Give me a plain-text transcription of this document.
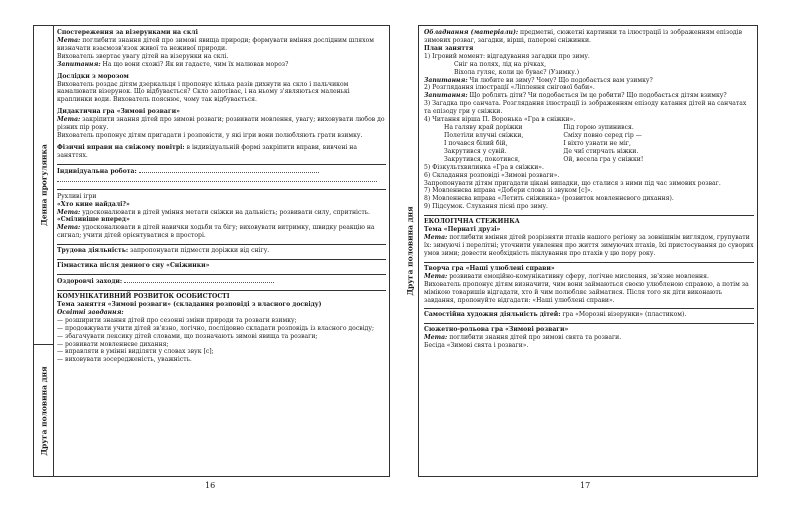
Денна прогулянка
Друга половина дня

Спостереження за візерунками на склі

Мета: поглибити знання дітей про зимові явища природи; формувати вміння дослідним шляхом визначати взаємозв'язок живої та неживої природи.

Вихователь звертає увагу дітей на візерунки на склі.

Запитання: На що вони схожі? Як ви гадаєте, чим їх малював мороз?

Дослідки з морозом

Вихователь роздає дітям дзеркальця і пропонує кілька разів дихнути на скло і пальчиком намалювати візерунок. Що відбувається? Скло запотіває, і на ньому з'являються маленькі краплинки води. Вихователь пояснює, чому так відбувається.

Дидактична гра «Зимові розваги»

Мета: закріпити знання дітей про зимові розваги; розвивати мовлення, увагу; виховувати любов до різних пір року.

Вихователь пропонує дітям пригадати і розповісти, у які ігри вони полюбляють грати взимку.

Фізичні вправи на свіжому повітрі: в індивідуальній формі закріпити вправи, вивчені на заняттях.

Індивідуальна робота:

Рухливі ігри

«Хто кине найдалі?»

Мета: удосконалювати в дітей уміння метати сніжки на дальність; розвивати силу, спритність.

«Сміливіше вперед»

Мета: удосконалювати в дітей навички ходьби та бігу; виховувати витримку, швидку реакцію на сигнал; учити дітей орієнтуватися в просторі.

Трудова діяльність: запропонувати підмести доріжки від снігу.

Гімнастика після денного сну «Сніжинки»

Оздоровчі заходи:

КОМУНІКАТИВНИЙ РОЗВИТОК ОСОБИСТОСТІ

Тема заняття «Зимові розваги» (складання розповіді з власного досвіду)

Освітні завдання:

— розширити знання дітей про сезонні зміни природи та розваги взимку;

— продовжувати учити дітей зв'язно, логічно, послідовно складати розповідь із власного досвіду;

— збагачувати лексику дітей словами, що позначають зимові явища та розваги;

— розвивати мовленнєве дихання;

— вправляти в умінні виділяти у словах звук [с];

— виховувати зосередженість, уважність.

16
Друга половина дня

Обладнання (матеріали): предметні, сюжетні картинки та ілюстрації із зображенням епізодів зимових розваг, загадки, вірші, паперові сніжинки.

План заняття

1) Ігровий момент: відгадування загадки про зиму.

Сніг на полях, лід на річках,

Віхола гуляє, коли це буває? (Узимку.)

Запитання: Чи любите ви зиму? Чому? Що подобається вам узимку?

2) Розглядання ілюстрації «Ліплення снігової баби».

Запитання: Що роблять діти? Чи подобається їм це робити? Що подобається дітям взимку?

3) Загадка про санчата. Розглядання ілюстрації із зображенням епізоду катання дітей на санчатах та епізоду гри у сніжки.

4) Читання вірша П. Воронька «Гра в сніжки».

На галяву край доріжки

Полетіли влучні сніжки,

І почався білий бій,

Закрутився у сувій.

Закрутився, покотився,

Під горою зупинився.

Сміху повно серед гір —

І віхто узнати не міг,

Де чиї стирчать ніжки.

Ой, весела гра у сніжки!

5) Фізкультхвилинка «Гра в сніжки».

6) Складання розповіді «Зимові розваги».

Запропонувати дітям пригадати цікаві випадки, що сталися з ними під час зимових розваг.

7) Мовленнєва вправа «Добери слова зі звуком [с]».

8) Мовленнєва вправа «Летить сніжинка» (розвиток мовленнєвого дихання).

9) Підсумок. Слухання пісні про зиму.

ЕКОЛОГІЧНА СТЕЖИНКА

Тема «Пернаті друзі»

Мета: поглибити вміння дітей розрізняти птахів нашого регіону за зовнішнім виглядом, групувати їх: зимуючі і перелітні; уточнити уявлення про життя зимуючих птахів, їхі пристосування до суворих умов зими; довести необхідність піклування про птахів у цю пору року.

Творча гра «Наші улюблені справи»

Мета: розвивати емоційно-комунікативну сферу, логічне мислення, зв'язне мовлення.

Вихователь пропонує дітям визначити, чим вони займаються своєю улюбленою справою, а потім за мімікою товаришів відгадати, хто й чим полюбляє займатися. Після того як діти виконають завдання, пропонуйте відгадати: «Наші улюблені справи».

Самостійна художня діяльність дітей: гра «Морозні візерунки» (пластиком).

Сюжетно-рольова гра «Зимові розваги»

Мета: поглибити знання дітей про зимові свята та розваги.

Бесіда «Зимові свята і розваги».

17
